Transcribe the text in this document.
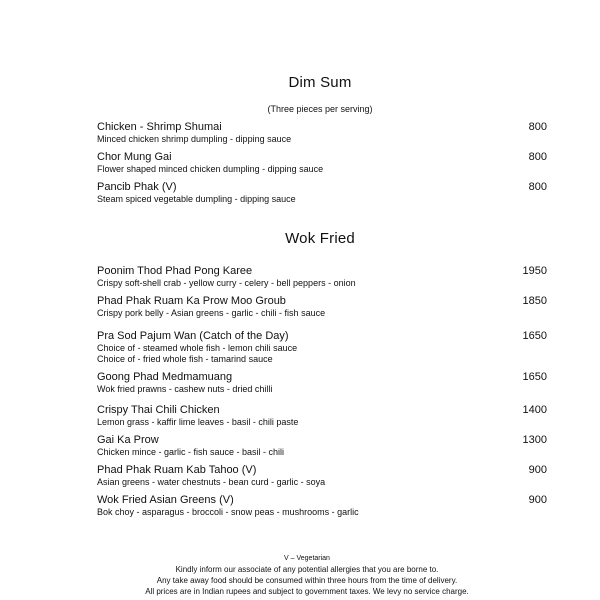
Dim Sum
(Three pieces per serving)
Chicken - Shrimp Shumai
Minced chicken shrimp dumpling - dipping sauce
800
Chor Mung Gai
Flower shaped minced chicken dumpling - dipping sauce
800
Pancib Phak (V)
Steam spiced vegetable dumpling - dipping sauce
800
Wok Fried
Poonim Thod Phad Pong Karee
Crispy soft-shell crab - yellow curry - celery - bell peppers - onion
1950
Phad Phak Ruam Ka Prow Moo Groub
Crispy pork belly - Asian greens - garlic - chili - fish sauce
1850
Pra Sod Pajum Wan (Catch of the Day)
Choice of - steamed whole fish - lemon chili sauce
Choice of - fried whole fish - tamarind sauce
1650
Goong Phad Medmamuang
Wok fried prawns - cashew nuts - dried chilli
1650
Crispy Thai Chili Chicken
Lemon grass - kaffir lime leaves - basil - chili paste
1400
Gai Ka Prow
Chicken mince - garlic - fish sauce - basil - chili
1300
Phad Phak Ruam Kab Tahoo (V)
Asian greens - water chestnuts - bean curd - garlic - soya
900
Wok Fried Asian Greens (V)
Bok choy - asparagus - broccoli - snow peas - mushrooms - garlic
900
V – Vegetarian
Kindly inform our associate of any potential allergies that you are borne to.
Any take away food should be consumed within three hours from the time of delivery.
All prices are in Indian rupees and subject to government taxes. We levy no service charge.
